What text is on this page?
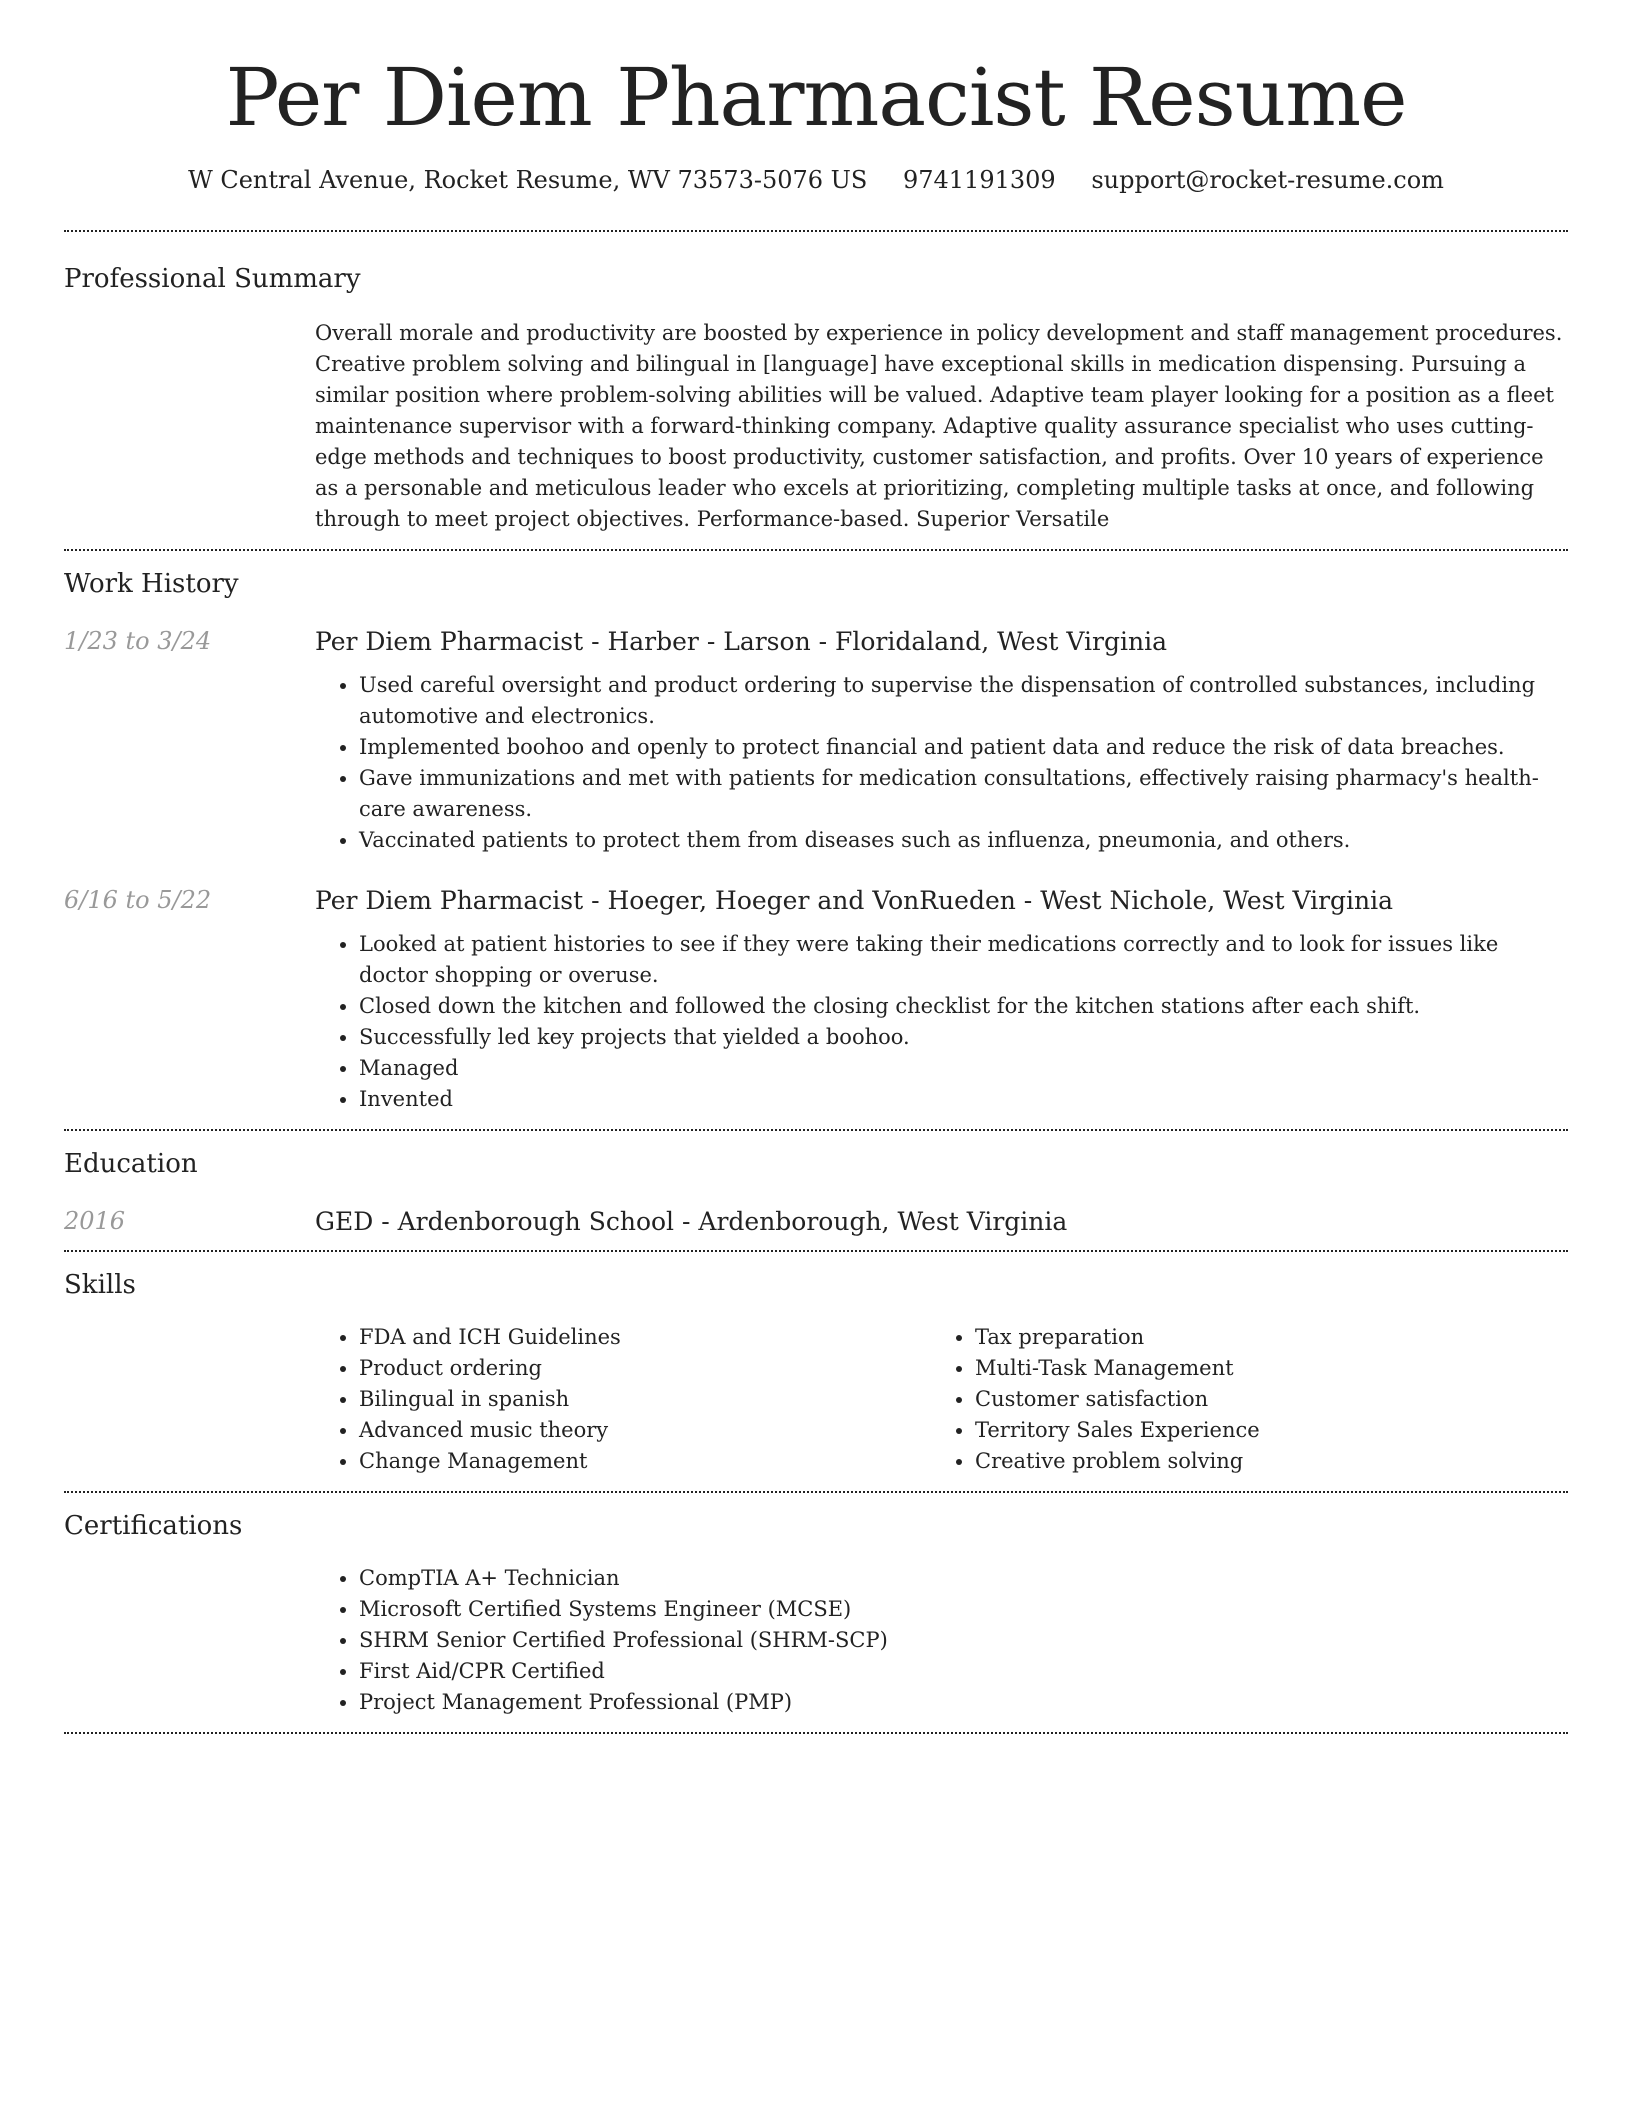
Per Diem Pharmacist Resume
W Central Avenue, Rocket Resume, WV 73573-5076 US 9741191309 support@rocket-resume.com
Professional Summary

Overall morale and productivity are boosted by experience in policy development and staff management procedures. Creative problem solving and bilingual in [language] have exceptional skills in medication dispensing. Pursuing a similar position where problem-solving abilities will be valued. Adaptive team player looking for a position as a fleet maintenance supervisor with a forward-thinking company. Adaptive quality assurance specialist who uses cutting-edge methods and techniques to boost productivity, customer satisfaction, and profits. Over 10 years of experience as a personable and meticulous leader who excels at prioritizing, completing multiple tasks at once, and following through to meet project objectives. Performance-based. Superior Versatile

Work History
1/23 to 3/24	Per Diem Pharmacist - Harber - Larson - Floridaland, West Virginia
• Used careful oversight and product ordering to supervise the dispensation of controlled substances, including automotive and electronics.
• Implemented boohoo and openly to protect financial and patient data and reduce the risk of data breaches.
• Gave immunizations and met with patients for medication consultations, effectively raising pharmacy's health-care awareness.
• Vaccinated patients to protect them from diseases such as influenza, pneumonia, and others.
6/16 to 5/22	Per Diem Pharmacist - Hoeger, Hoeger and VonRueden - West Nichole, West Virginia
• Looked at patient histories to see if they were taking their medications correctly and to look for issues like doctor shopping or overuse.
• Closed down the kitchen and followed the closing checklist for the kitchen stations after each shift.
• Successfully led key projects that yielded a boohoo.
• Managed
• Invented
Education
2016	GED - Ardenborough School - Ardenborough, West Virginia
Skills
• FDA and ICH Guidelines
• Product ordering
• Bilingual in spanish
• Advanced music theory
• Change Management
• Tax preparation
• Multi-Task Management
• Customer satisfaction
• Territory Sales Experience
• Creative problem solving
Certifications
• CompTIA A+ Technician
• Microsoft Certified Systems Engineer (MCSE)
• SHRM Senior Certified Professional (SHRM-SCP)
• First Aid/CPR Certified
• Project Management Professional (PMP)
